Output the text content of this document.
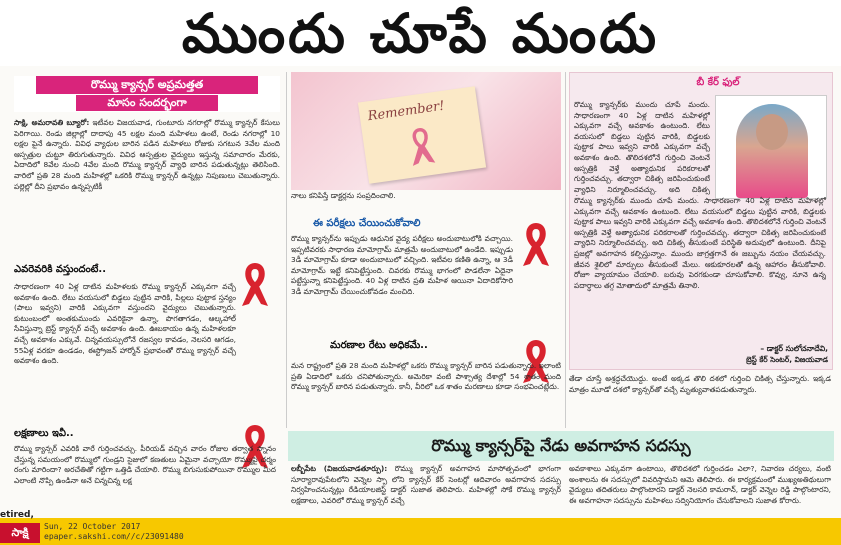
ముందు చూపే మందు
రొమ్ము క్యాన్సర్ అప్రమత్తత
మాసం సందర్భంగా
సాక్షి, అమరావతి బ్యూరో: ఇటీవల విజయవాడ, గుంటూరు నగరాల్లో రొమ్ము క్యాన్సర్ కేసులు పెరిగాయి. రెండు జిల్లాల్లో దాదాపు 45 లక్షల మంది మహిళలు ఉంటే, రెండు నగరాల్లో 10 లక్షల పైనే ఉన్నారు. వివిధ వ్యాధుల బారిన పడిన మహిళలు రోజుకు సగటున 3వేల మంది ఆస్పత్రుల చుట్టూ తిరుగుతున్నారు. వివిధ ఆస్పత్రుల వైద్యులు ఇస్తున్న సమాచారం మేరకు, ఏదాదిలో 8వేల నుంచి 4వేల మంది రొమ్ము క్యాన్సర్ వ్యాధి బారిన పడుతున్నట్లు తెలిసింది. వారిలో ప్రతి 28 మంది మహిళల్లో ఒకరికి రొమ్ము క్యాన్సర్ ఉన్నట్లు నిపుణులు చెబుతున్నారు. పల్లెల్లో దీని ప్రభావం ఉన్నప్పటికీ
ఎవరెవరికి వస్తుందంటే..
సాధారణంగా 40 ఏళ్ల దాటిన మహిళలకు రొమ్ము క్యాన్సర్ ఎక్కువగా వచ్చే అవకాశం ఉంది. లేటు వయసులో బిడ్డలు పుట్టిన వారికి, పిల్లలు పుట్టాక స్తన్యం (పాలు ఇవ్వని) వారికి ఎక్కువగా వస్తుందని వైద్యులు చెబుతున్నారు. కుటుంబంలో అంతకుముందు ఎవరికైనా ఉన్నా, పొగతాగడం, ఆల్కహాల్ సేవిస్తున్నా బ్రెస్ట్ క్యాన్సర్ వచ్చే అవకాశం ఉంది. ఊబకాయం ఉన్న మహిళలకూ వచ్చే అవకాశం ఎక్కువే. చిన్నవయస్సులోనే రజస్వల కావడం, నెలసరి ఆగడం, 55ఏళ్ల వరకూ ఉండడం, ఈస్ట్రోజన్ హార్మోన్ ప్రభావంతో రొమ్ము క్యాన్సర్ వచ్చే అవకాశం ఉంది.
లక్షణాలు ఇవీ..
రొమ్ము క్యాన్సర్ ఎవరికి వారే గుర్తించవచ్చు. పీరియడ్ వచ్చిన వారం రోజుల తర్వాత స్నానం చేస్తున్న సమయంలో రొమ్ములో గుండ్రని సైజులో కణతులు ఏమైనా వచ్చాయో రొమ్ముపై చర్మం రంగు మారిందా? అరచేతితో గట్టిగా ఒత్తిడి చేయాలి. రొమ్ము బిగుసుకుపోయినా రొమ్ముల మీద ఎలాంటి నొప్పి ఉండినా అనే చిన్నచిన్న లక్ష
Remember!
నాలు కనిపిస్తే డాక్టర్లను సంప్రదించాలి.
ఈ పరీక్షలు చేయించుకోవాలి
రొమ్ము క్యాన్సర్‌ను ఇప్పుడు ఆధునిక వైద్య పరీక్షలు అందుబాటులోకి వచ్చాయి. ఇప్పటివరకు సాధారణ మామోగ్రామ్ మాత్రమే అందుబాటులో ఉండేది. ఇప్పుడు 3డీ మామోగ్రామ్ కూడా అందుబాటులో వచ్చింది. ఇటీవల కణితి ఉన్నా, ఆ 3డీ మామోగ్రామ్ ఇట్టే కనిపెట్టేస్తుంది. చివరకు రొమ్ము భాగంలో పొడలేనా ఏదైనా పట్టేస్తున్నా కనిపెట్టేస్తుంది. 40 ఏళ్ల దాటిన ప్రతి మహిళ ఆయినా ఏదాదికోసారి 3డీ మామోగ్రామ్ చేయించుకోవడం మంచిది.
మరణాల రేటు అధికమే..
మన రాష్ట్రంలో ప్రతి 28 మంది మహిళల్లో ఒకరు రొమ్ము క్యాన్సర్ బారిన పడుతున్నారు. ఇలాంటి ప్రతి ఏడాదిలో ఒకరు చనిపోతున్నారు. అమెరికా వంటి పాశ్చాత్య దేశాల్లో 54 శాతం మంది రొమ్ము క్యాన్సర్ బారిన పడుతున్నారు. కానీ, వీరిలో ఒక శాతం మరణాలు కూడా సంభవించట్లేదు.
బీ కేర్ ఫుల్
రొమ్ము క్యాన్సర్‌కు ముందు చూపే మందు. సాధారణంగా 40 ఏళ్ల దాటిన మహిళల్లో ఎక్కువగా వచ్చే అవకాశం ఉంటుంది. లేటు వయసులో బిడ్డలు పుట్టిన వారికి, బిడ్డలకు పుట్టాక పాలు ఇవ్వని వారికి ఎక్కువగా వచ్చే అవకాశం ఉంది. తొలిదశలోనే గుర్తించి వెంటనే ఆస్పత్రికి వెళ్తే అత్యాధునిక పరికరాలతో గుర్తించవచ్చు. తద్వారా చికిత్స జరిపించుకుంటే వ్యాధిని నిర్మూలించవచ్చు. అది చికిత్స
రొమ్ము క్యాన్సర్‌కు ముందు చూపే మందు. సాధారణంగా 40 ఏళ్ల దాటిన మహిళల్లో ఎక్కువగా వచ్చే అవకాశం ఉంటుంది. లేటు వయసులో బిడ్డలు పుట్టిన వారికి, బిడ్డలకు పుట్టాక పాలు ఇవ్వని వారికి ఎక్కువగా వచ్చే అవకాశం ఉంది. తొలిదశలోనే గుర్తించి వెంటనే ఆస్పత్రికి వెళ్తే అత్యాధునిక పరికరాలతో గుర్తించవచ్చు. తద్వారా చికిత్స జరిపించుకుంటే వ్యాధిని నిర్మూలించవచ్చు. అది చికిత్స తీసుకుంటే పరిస్థితి అదుపులో ఉంటుంది. దీనిపై ప్రజల్లో అవగాహన కల్పిస్తున్నాం. ముందు జాగ్రత్తగానే ఈ జబ్బును నయం చేయవచ్చు. జీవన శైలిలో మార్పులు తీసుకుంటే మేలు. ఆకుకూరలతో ఉన్న ఆహారం తీసుకోవాలి. రోజూ వ్యాయామం చేయాలి. బరువు పెరగకుండా చూసుకోవాలి. కొవ్వు, నూనె ఉన్న పదార్థాలు తగ్గ మోతాదులో మాత్రమే తినాలి.
– డాక్టర్ సులోచనాదేవి,
బ్రెస్ట్ కేర్ సెంటర్, విజయవాడ
తేడా చూస్తే అశ్రద్ధచేయొద్దు. అంటే అక్కడ తొలి దశలో గుర్తించి చికిత్స చేస్తున్నారు. ఇక్కడ మాత్రం మూడో దశలో క్యాన్సర్‌తో వచ్చే మృత్యువాతపడుతున్నారు.
రొమ్ము క్యాన్సర్‌పై నేడు అవగాహన సదస్సు
లబ్బీపేట (విజయవాడతూర్పు): రొమ్ము క్యాన్సర్ అవగాహన మాసోత్సవంలో భాగంగా సూర్యారావుపేటలోని వెన్నెల స్పా లోని క్యాన్సర్ కేర్ సెంటర్లో ఆదివారం అవగాహన సదస్సు నిర్వహించనున్నట్లు రేడియాలజిస్ట్ డాక్టర్ సుజాత తెలిపారు. మహిళల్లో సోకే రొమ్ము క్యాన్సర్ లక్షణాలు, ఎవరిలో రొమ్ము క్యాన్సర్ వచ్చే
అవకాశాలు ఎక్కువగా ఉంటాయి, తొలిదశలో గుర్తించడం ఎలా?, నివారణ చర్యలు, వంటి అంశాలను ఈ సదస్సులో వివరిస్తామని ఆమె తెలిపారు. ఈ కార్యక్రమంలో ముఖ్యఅతిథులుగా వైద్యులు తదితరులు పాల్గొంటారని డాక్టర్ నెలసరి కామరాన్, డాక్టర్ వెన్నెల రెడ్డి పాల్గొంటారని, ఈ అవగాహనా సదస్సును మహిళలు సద్వినియోగం చేసుకోవాలని సుజాత కోరారు.
etired,
సాక్షి	Sun, 22 October 2017
epaper.sakshi.com//c/23091480
